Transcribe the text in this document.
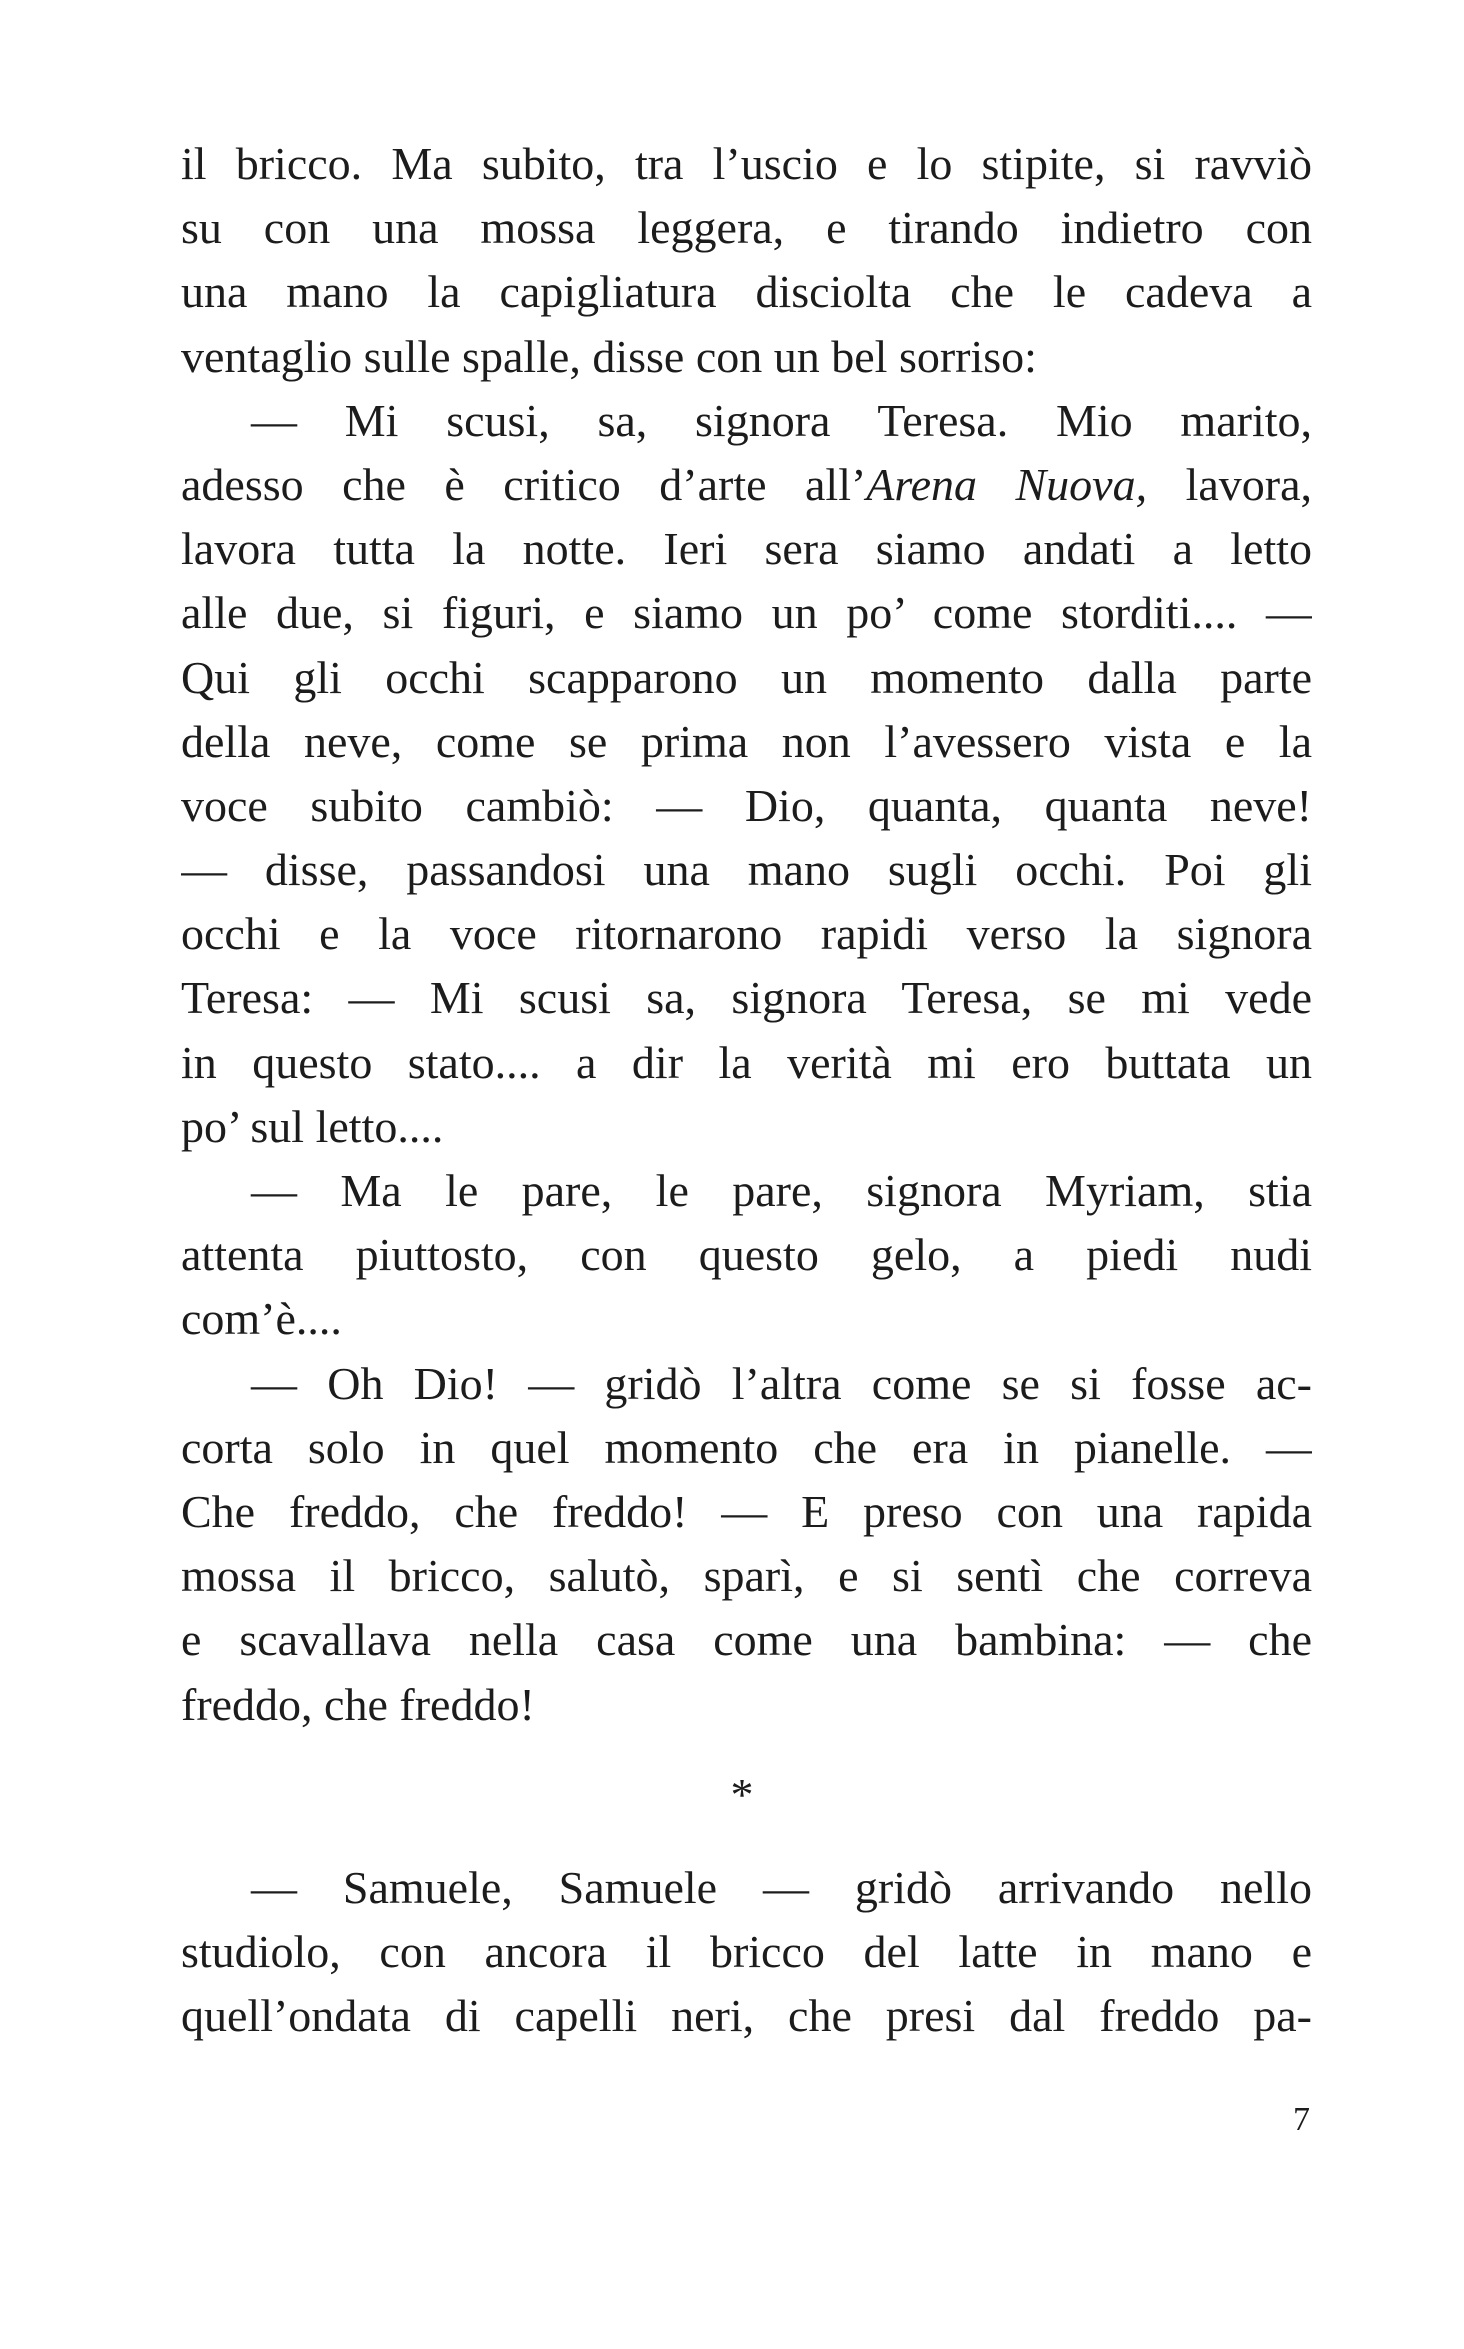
il bricco. Ma subito, tra l’uscio e lo stipite, si ravviò
su con una mossa leggera, e tirando indietro con
una mano la capigliatura disciolta che le cadeva a
ventaglio sulle spalle, disse con un bel sorriso:
— Mi scusi, sa, signora Teresa. Mio marito,
adesso che è critico d’arte all’Arena Nuova, lavora,
lavora tutta la notte. Ieri sera siamo andati a letto
alle due, si figuri, e siamo un po’ come storditi.... —
Qui gli occhi scapparono un momento dalla parte
della neve, come se prima non l’avessero vista e la
voce subito cambiò: — Dio, quanta, quanta neve!
— disse, passandosi una mano sugli occhi. Poi gli
occhi e la voce ritornarono rapidi verso la signora
Teresa: — Mi scusi sa, signora Teresa, se mi vede
in questo stato.... a dir la verità mi ero buttata un
po’ sul letto....
— Ma le pare, le pare, signora Myriam, stia
attenta piuttosto, con questo gelo, a piedi nudi
com’è....
— Oh Dio! — gridò l’altra come se si fosse ac-
corta solo in quel momento che era in pianelle. —
Che freddo, che freddo! — E preso con una rapida
mossa il bricco, salutò, sparì, e si sentì che correva
e scavallava nella casa come una bambina: — che
freddo, che freddo!
*
— Samuele, Samuele — gridò arrivando nello
studiolo, con ancora il bricco del latte in mano e
quell’ondata di capelli neri, che presi dal freddo pa-
7
